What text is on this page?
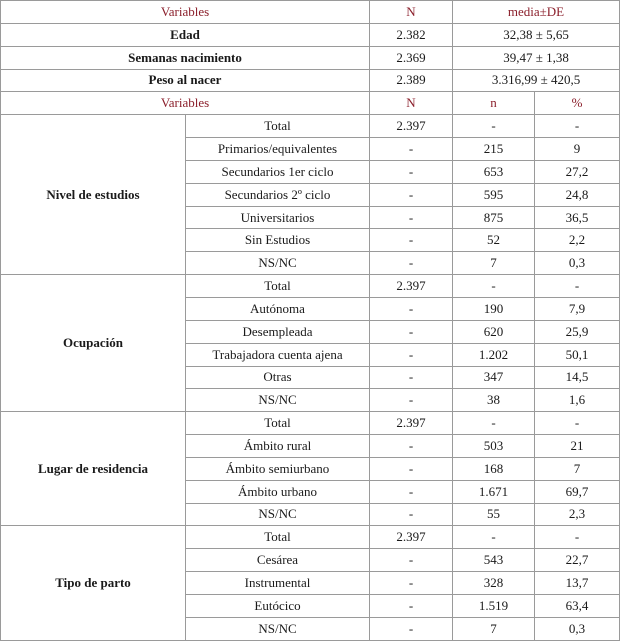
Variables		N	media±DE	
Edad		2.382	32,38 ± 5,65	
Semanas nacimiento		2.369	39,47 ± 1,38	
Peso al nacer		2.389	3.316,99 ± 420,5	
Variables		N	n	%
Nivel de estudios	Total	2.397	-	-
	Primarios/equivalentes	-	215	9
	Secundarios 1er ciclo	-	653	27,2
	Secundarios 2º ciclo	-	595	24,8
	Universitarios	-	875	36,5
	Sin Estudios	-	52	2,2
	NS/NC	-	7	0,3
Ocupación	Total	2.397	-	-
	Autónoma	-	190	7,9
	Desempleada	-	620	25,9
	Trabajadora cuenta ajena	-	1.202	50,1
	Otras	-	347	14,5
	NS/NC	-	38	1,6
Lugar de residencia	Total	2.397	-	-
	Ámbito rural	-	503	21
	Ámbito semiurbano	-	168	7
	Ámbito urbano	-	1.671	69,7
	NS/NC	-	55	2,3
Tipo de parto	Total	2.397	-	-
	Cesárea	-	543	22,7
	Instrumental	-	328	13,7
	Eutócico	-	1.519	63,4
	NS/NC	-	7	0,3
